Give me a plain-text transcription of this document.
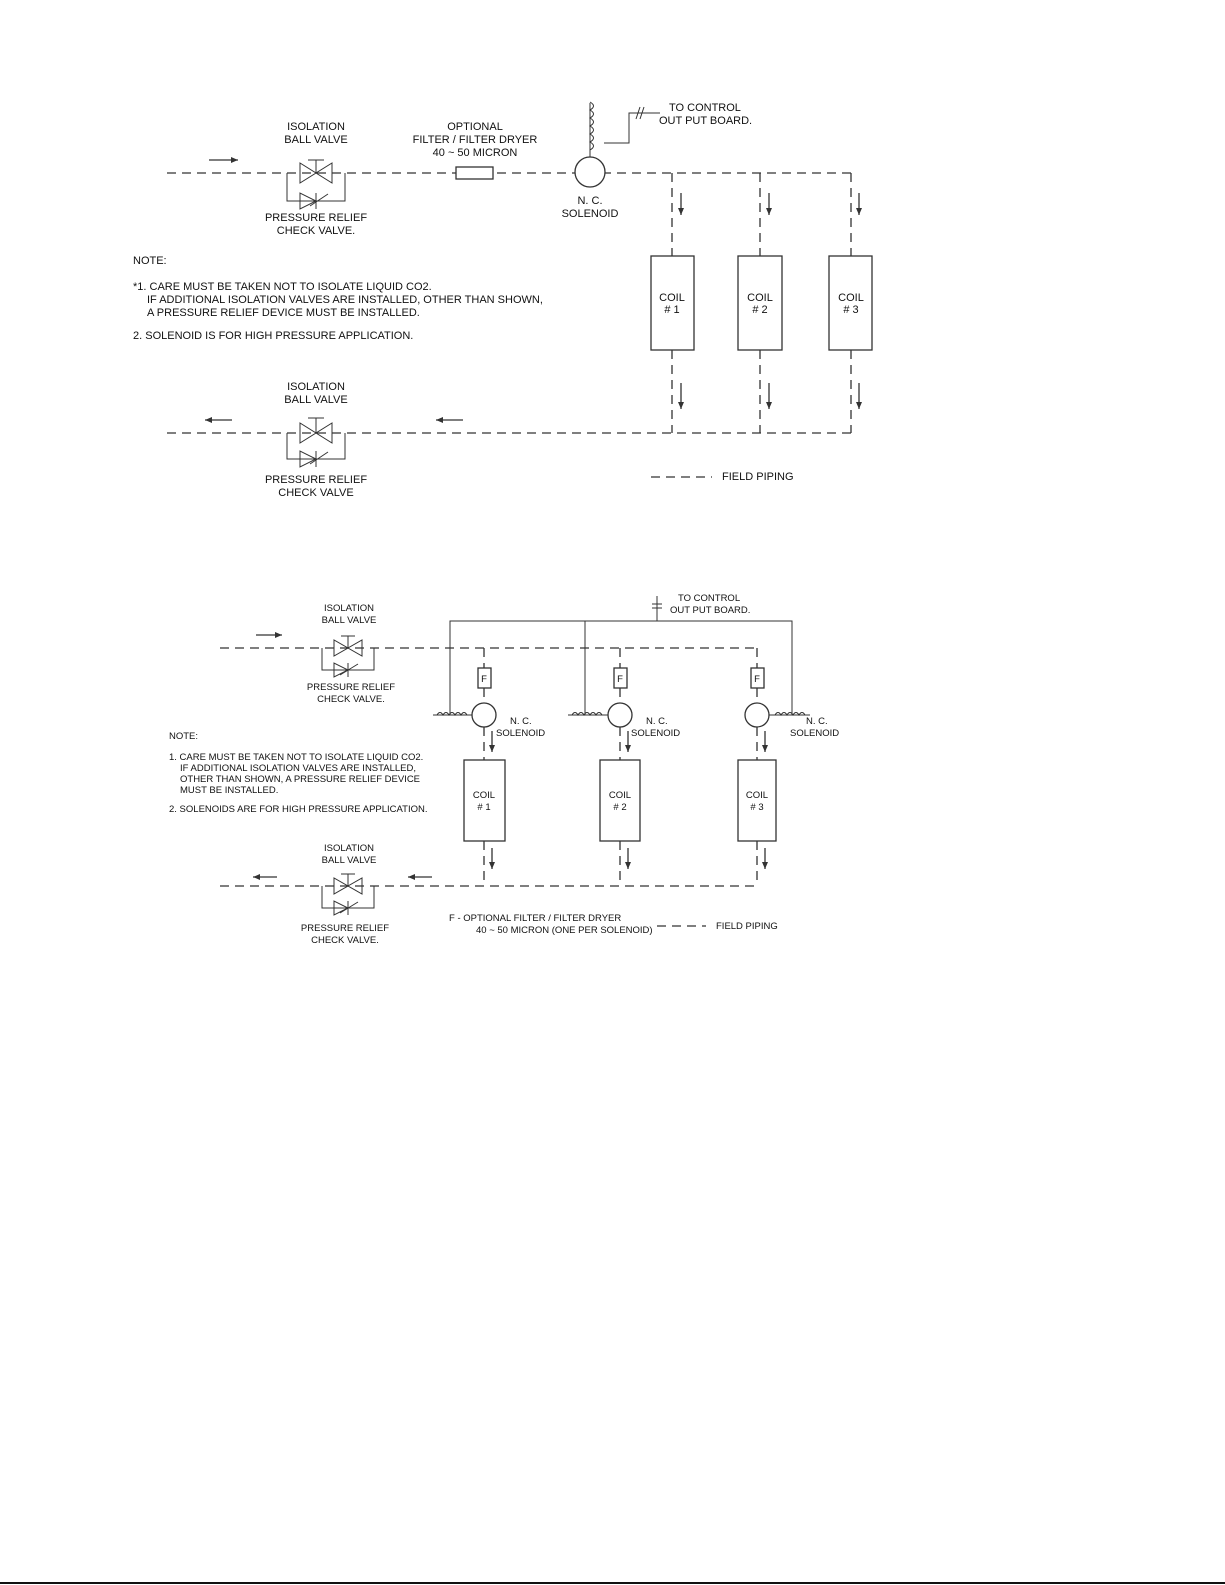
ISOLATION
BALL VALVE
PRESSURE RELIEF
CHECK VALVE.
OPTIONAL
FILTER / FILTER DRYER
40 ~ 50 MICRON
TO CONTROL
OUT PUT BOARD.
N. C.
SOLENOID
COIL
# 1
COIL
# 2
COIL
# 3
NOTE:
*1. CARE MUST BE TAKEN NOT TO ISOLATE LIQUID CO2.
IF ADDITIONAL ISOLATION VALVES ARE INSTALLED, OTHER THAN SHOWN,
A PRESSURE RELIEF DEVICE MUST BE INSTALLED.
2. SOLENOID IS FOR HIGH PRESSURE APPLICATION.
ISOLATION
BALL VALVE
PRESSURE RELIEF
CHECK VALVE
FIELD PIPING
ISOLATION
BALL VALVE
PRESSURE RELIEF
CHECK VALVE.
TO CONTROL
OUT PUT BOARD.
F
N. C.
SOLENOID
COIL
# 1
F
N. C.
SOLENOID
COIL
# 2
F
N. C.
SOLENOID
COIL
# 3
NOTE:
1. CARE MUST BE TAKEN NOT TO ISOLATE LIQUID CO2.
IF ADDITIONAL ISOLATION VALVES ARE INSTALLED,
OTHER THAN SHOWN, A PRESSURE RELIEF DEVICE
MUST BE INSTALLED.
2. SOLENOIDS ARE FOR HIGH PRESSURE APPLICATION.
ISOLATION
BALL VALVE
PRESSURE RELIEF
CHECK VALVE.
F - OPTIONAL FILTER / FILTER DRYER
40 ~ 50 MICRON (ONE PER SOLENOID)	FIELD PIPING
